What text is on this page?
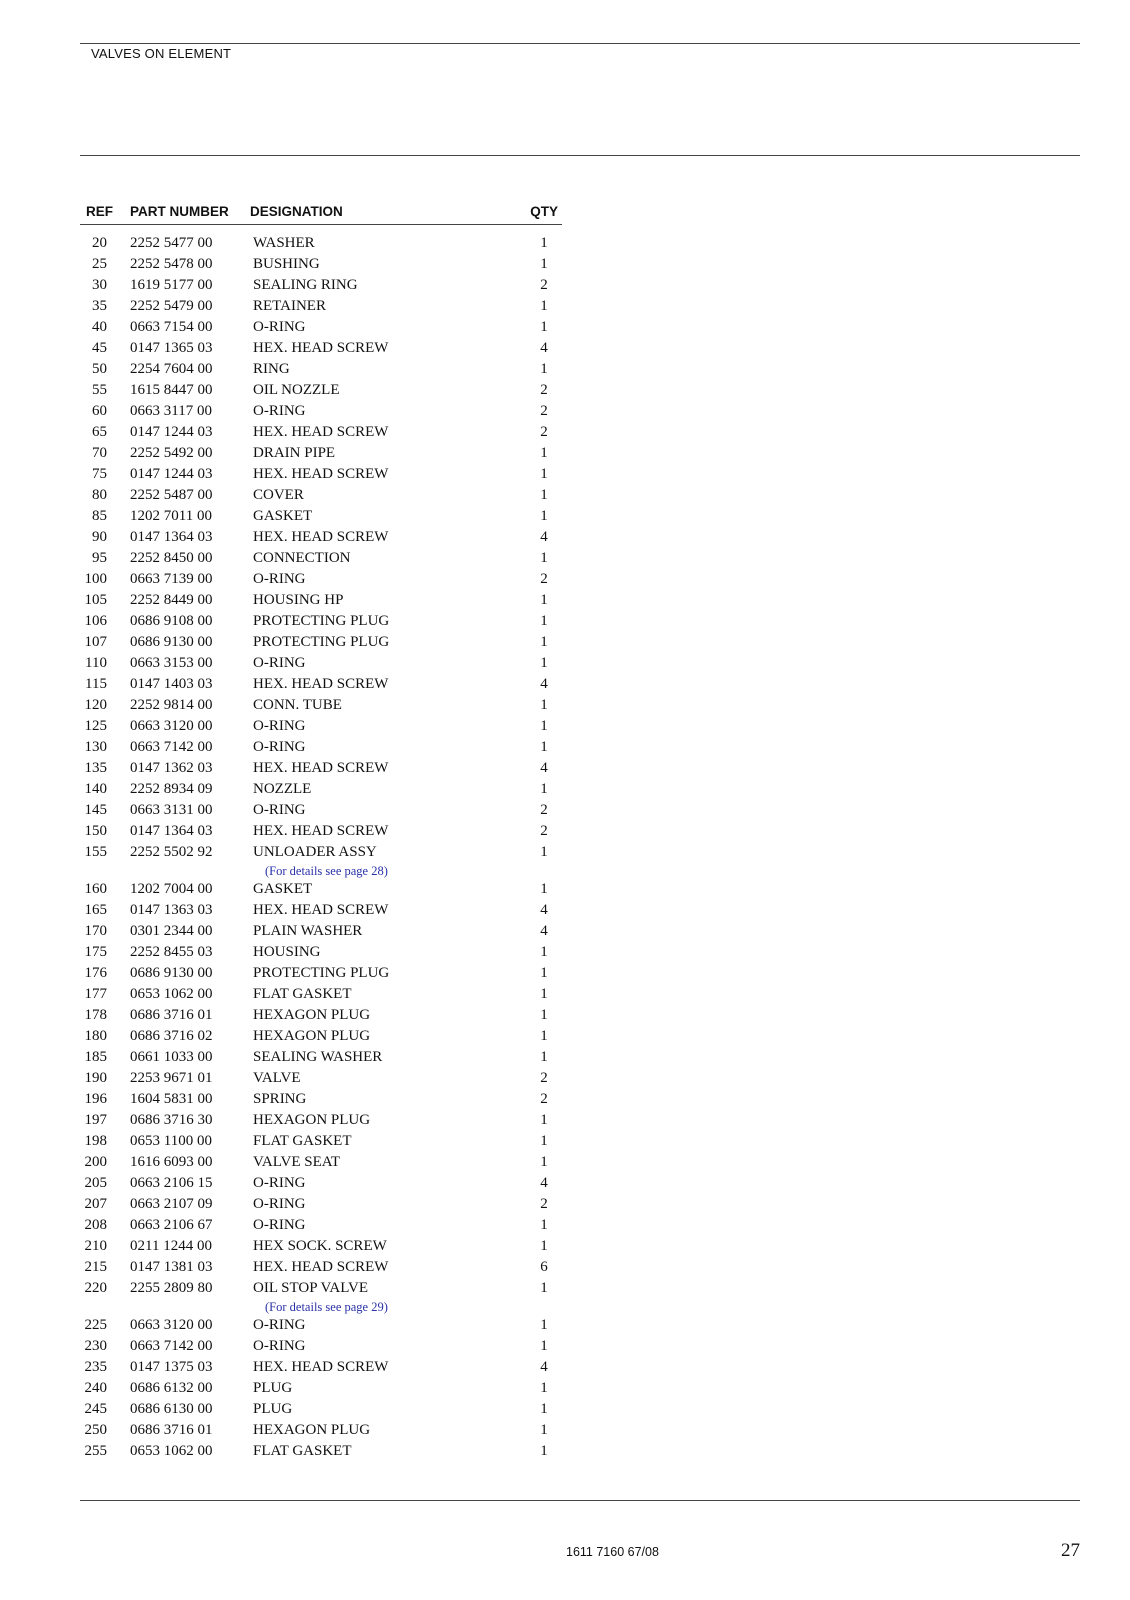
VALVES ON ELEMENT
REF PART NUMBER DESIGNATION	QTY
20 2252 5477 00	WASHER	1
25 2252 5478 00	BUSHING	1
30 1619 5177 00	SEALING RING	2
35 2252 5479 00	RETAINER	1
40 0663 7154 00	O-RING	1
45 0147 1365 03	HEX. HEAD SCREW	4
50 2254 7604 00	RING	1
55 1615 8447 00	OIL NOZZLE	2
60 0663 3117 00	O-RING	2
65 0147 1244 03	HEX. HEAD SCREW	2
70 2252 5492 00	DRAIN PIPE	1
75 0147 1244 03	HEX. HEAD SCREW	1
80 2252 5487 00	COVER	1
85 1202 7011 00	GASKET	1
90 0147 1364 03	HEX. HEAD SCREW	4
95 2252 8450 00	CONNECTION	1
100 0663 7139 00	O-RING	2
105 2252 8449 00	HOUSING HP	1
106 0686 9108 00	PROTECTING PLUG	1
107 0686 9130 00	PROTECTING PLUG	1
110 0663 3153 00	O-RING	1
115 0147 1403 03	HEX. HEAD SCREW	4
120 2252 9814 00	CONN. TUBE	1
125 0663 3120 00	O-RING	1
130 0663 7142 00	O-RING	1
135 0147 1362 03	HEX. HEAD SCREW	4
140 2252 8934 09	NOZZLE	1
145 0663 3131 00	O-RING	2
150 0147 1364 03	HEX. HEAD SCREW	2
155 2252 5502 92	UNLOADER ASSY	1
(For details see page 28)
160 1202 7004 00	GASKET	1
165 0147 1363 03	HEX. HEAD SCREW	4
170 0301 2344 00	PLAIN WASHER	4
175 2252 8455 03	HOUSING	1
176 0686 9130 00	PROTECTING PLUG	1
177 0653 1062 00	FLAT GASKET	1
178 0686 3716 01	HEXAGON PLUG	1
180 0686 3716 02	HEXAGON PLUG	1
185 0661 1033 00	SEALING WASHER	1
190 2253 9671 01	VALVE	2
196 1604 5831 00	SPRING	2
197 0686 3716 30	HEXAGON PLUG	1
198 0653 1100 00	FLAT GASKET	1
200 1616 6093 00	VALVE SEAT	1
205 0663 2106 15	O-RING	4
207 0663 2107 09	O-RING	2
208 0663 2106 67	O-RING	1
210 0211 1244 00	HEX SOCK. SCREW	1
215 0147 1381 03	HEX. HEAD SCREW	6
220 2255 2809 80	OIL STOP VALVE	1
(For details see page 29)
225 0663 3120 00	O-RING	1
230 0663 7142 00	O-RING	1
235 0147 1375 03	HEX. HEAD SCREW	4
240 0686 6132 00	PLUG	1
245 0686 6130 00	PLUG	1
250 0686 3716 01	HEXAGON PLUG	1
255 0653 1062 00	FLAT GASKET	1
1611 7160 67/08	27
